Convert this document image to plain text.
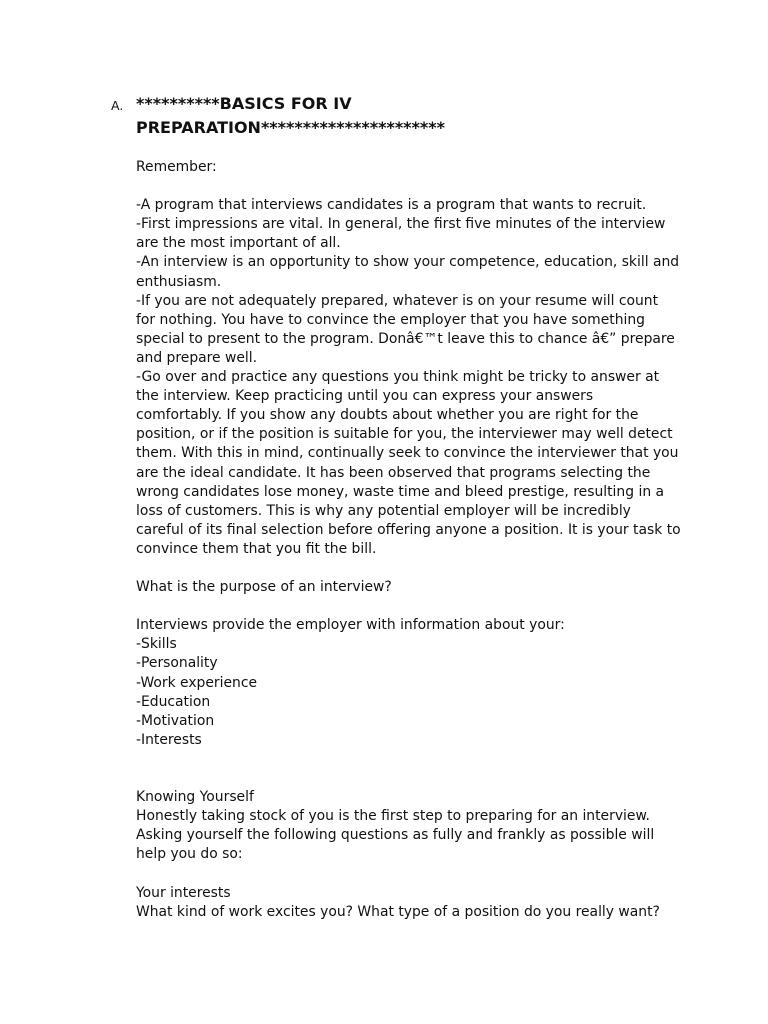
A. **********BASICS FOR IV
PREPARATION**********************

Remember:

-A program that interviews candidates is a program that wants to recruit.

-First impressions are vital. In general, the first five minutes of the interview

are the most important of all.

-An interview is an opportunity to show your competence, education, skill and

enthusiasm.

-If you are not adequately prepared, whatever is on your resume will count

for nothing. You have to convince the employer that you have something

special to present to the program. Donâ€™t leave this to chance â€” prepare

and prepare well.

-Go over and practice any questions you think might be tricky to answer at

the interview. Keep practicing until you can express your answers

comfortably. If you show any doubts about whether you are right for the

position, or if the position is suitable for you, the interviewer may well detect

them. With this in mind, continually seek to convince the interviewer that you

are the ideal candidate. It has been observed that programs selecting the

wrong candidates lose money, waste time and bleed prestige, resulting in a

loss of customers. This is why any potential employer will be incredibly

careful of its final selection before offering anyone a position. It is your task to

convince them that you fit the bill.

What is the purpose of an interview?

Interviews provide the employer with information about your:

-Skills

-Personality

-Work experience

-Education

-Motivation

-Interests

Knowing Yourself

Honestly taking stock of you is the first step to preparing for an interview.

Asking yourself the following questions as fully and frankly as possible will

help you do so:

Your interests

What kind of work excites you? What type of a position do you really want?
